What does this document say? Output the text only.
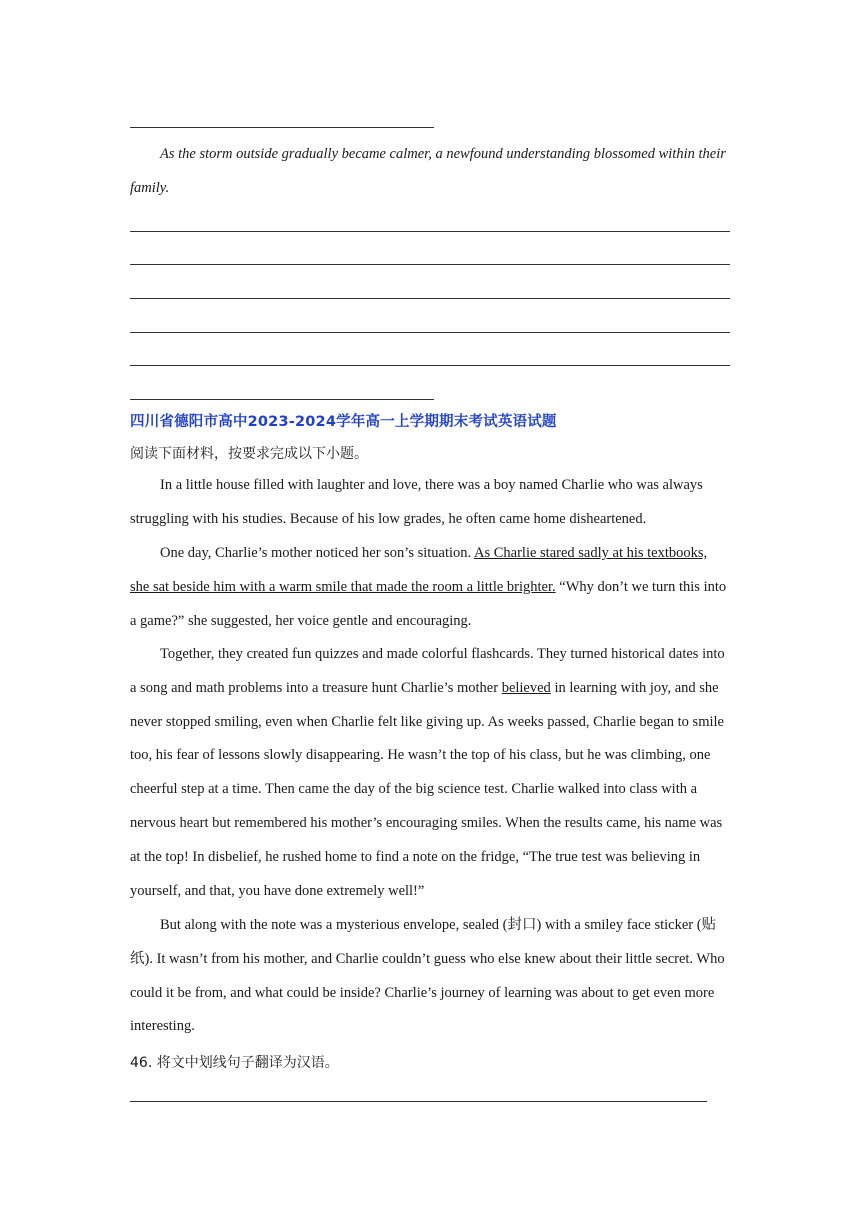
As the storm outside gradually became calmer, a newfound understanding blossomed within their family.

四川省德阳市高中2023-2024学年高一上学期期末考试英语试题
阅读下面材料，按要求完成以下小题。

In a little house filled with laughter and love, there was a boy named Charlie who was always struggling with his studies. Because of his low grades, he often came home disheartened.

One day, Charlie’s mother noticed her son’s situation. As Charlie stared sadly at his textbooks, she sat beside him with a warm smile that made the room a little brighter. “Why don’t we turn this into a game?” she suggested, her voice gentle and encouraging.

Together, they created fun quizzes and made colorful flashcards. They turned historical dates into a song and math problems into a treasure hunt Charlie’s mother believed in learning with joy, and she never stopped smiling, even when Charlie felt like giving up. As weeks passed, Charlie began to smile too, his fear of lessons slowly disappearing. He wasn’t the top of his class, but he was climbing, one cheerful step at a time. Then came the day of the big science test. Charlie walked into class with a nervous heart but remembered his mother’s encouraging smiles. When the results came, his name was at the top! In disbelief, he rushed home to find a note on the fridge, “The true test was believing in yourself, and that, you have done extremely well!”

But along with the note was a mysterious envelope, sealed (封口) with a smiley face sticker (贴纸). It wasn’t from his mother, and Charlie couldn’t guess who else knew about their little secret. Who could it be from, and what could be inside? Charlie’s journey of learning was about to get even more interesting.

46. 将文中划线句子翻译为汉语。
